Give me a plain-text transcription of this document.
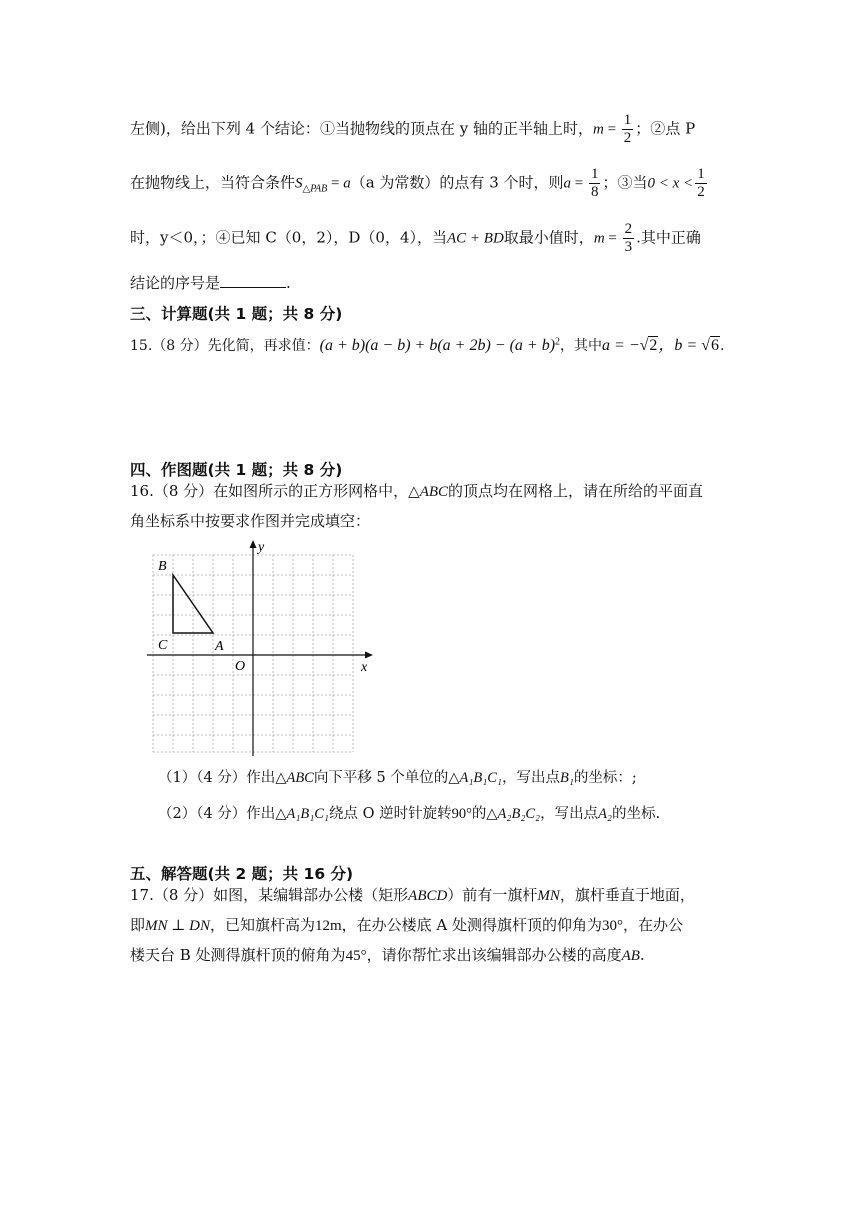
左侧)，给出下列 4 个结论：①当抛物线的顶点在 y 轴的正半轴上时，$m = \frac{1}{2}$ ；②点 P
在抛物线上，当符合条件$S_{\triangle PAB} = a(a$ 为常数）的点有 3 个时，则$a = \frac{1}{8}$ ；③当$0 < x < \frac{1}{2}$
时，y＜0，；④已知 C（0，2），D（0，4），当AC + BD取最小值时，$m = \frac{2}{3}$ .其中正确
结论的序号是	.
三、计算题(共 1 题；共 8 分)
15.（8 分）先化简，再求值：$(a + b)(a - b) + b(a + 2b) - (a + b)^2$，其中a = −√2，b = √6.
四、作图题(共 1 题；共 8 分)
16.（8 分）在如图所示的正方形网格中，△ABC的顶点均在网格上，请在所给的平面直
角坐标系中按要求作图并完成填空：
y
x
O
B
C	A
（1）（4 分）作出△ABC向下平移 5 个单位的△A₁B₁C₁，写出点B₁的坐标：;
（2）（4 分）作出△A₁B₁C₁绕点 O 逆时针旋转90°的△A₂B₂C₂，写出点A₂的坐标.
五、解答题(共 2 题；共 16 分)
17.（8 分）如图，某编辑部办公楼（矩形ABCD）前有一旗杆MN，旗杆垂直于地面，
即MN ⊥ DN，已知旗杆高为12m，在办公楼底 A 处测得旗杆顶的仰角为30°，在办公
楼天台 B 处测得旗杆顶的俯角为45°，请你帮忙求出该编辑部办公楼的高度AB.
